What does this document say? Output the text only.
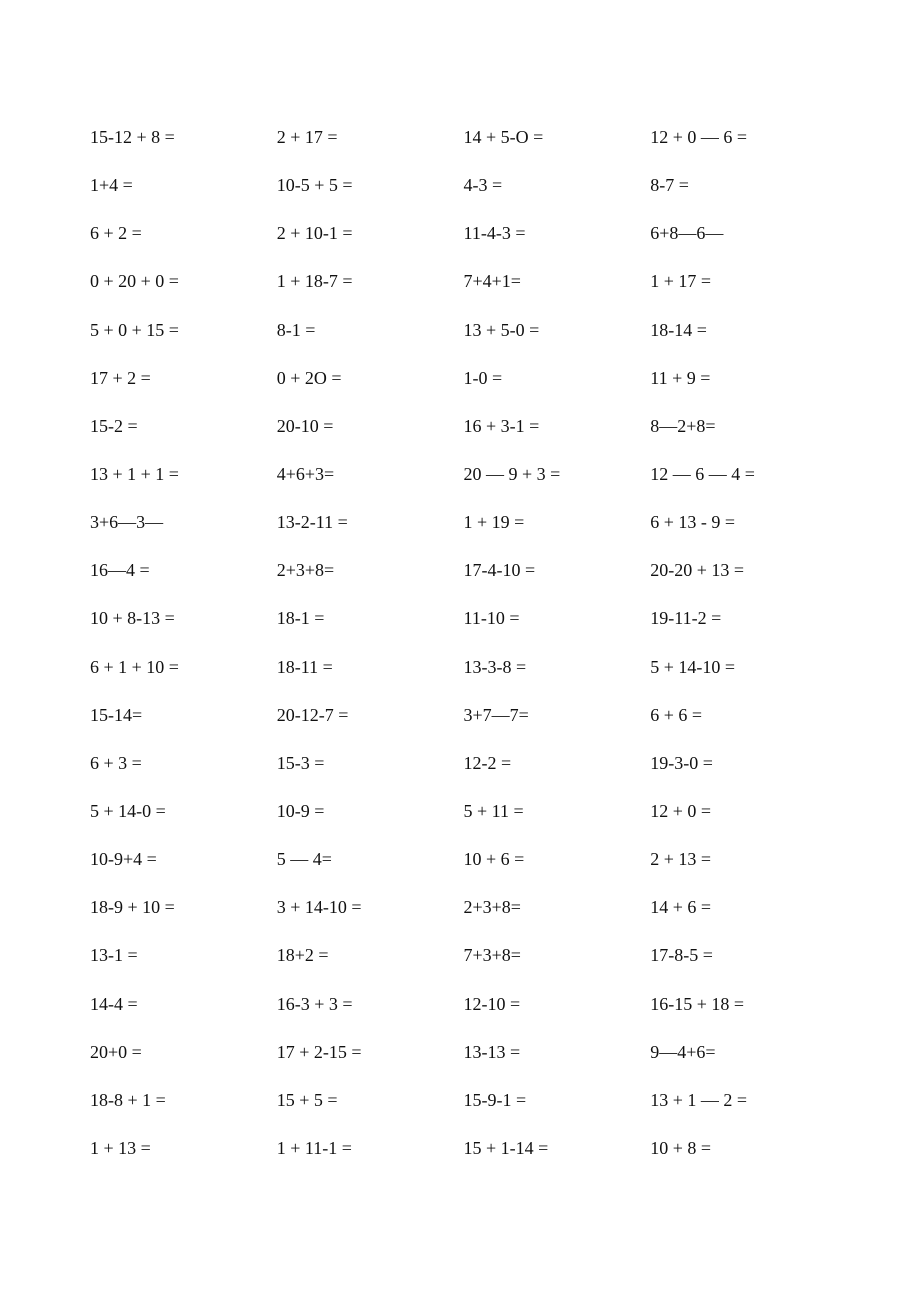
15-12 + 8 =	2 + 17 =	14 + 5-O =	12 + 0 — 6 =
1+4 =	10-5 + 5 =	4-3 =	8-7 =
6 + 2 =	2 + 10-1 =	11-4-3 =	6+8—6—
0 + 20 + 0 =	1 + 18-7 =	7+4+1=	1 + 17 =
5 + 0 + 15 =	8-1 =	13 + 5-0 =	18-14 =
17 + 2 =	0 + 2O =	1-0 =	11 + 9 =
15-2 =	20-10 =	16 + 3-1 =	8—2+8=
13 + 1 + 1 =	4+6+3=	20 — 9 + 3 =	12 — 6 — 4 =
3+6—3—	13-2-11 =	1 + 19 =	6 + 13 - 9 =
16—4 =	2+3+8=	17-4-10 =	20-20 + 13 =
10 + 8-13 =	18-1 =	11-10 =	19-11-2 =
6 + 1 + 10 =	18-11 =	13-3-8 =	5 + 14-10 =
15-14=	20-12-7 =	3+7—7=	6 + 6 =
6 + 3 =	15-3 =	12-2 =	19-3-0 =
5 + 14-0 =	10-9 =	5 + 11 =	12 + 0 =
10-9+4 =	5 — 4=	10 + 6 =	2 + 13 =
18-9 + 10 =	3 + 14-10 =	2+3+8=	14 + 6 =
13-1 =	18+2 =	7+3+8=	17-8-5 =
14-4 =	16-3 + 3 =	12-10 =	16-15 + 18 =
20+0 =	17 + 2-15 =	13-13 =	9—4+6=
18-8 + 1 =	15 + 5 =	15-9-1 =	13 + 1 — 2 =
1 + 13 =	1 + 11-1 =	15 + 1-14 =	10 + 8 =
